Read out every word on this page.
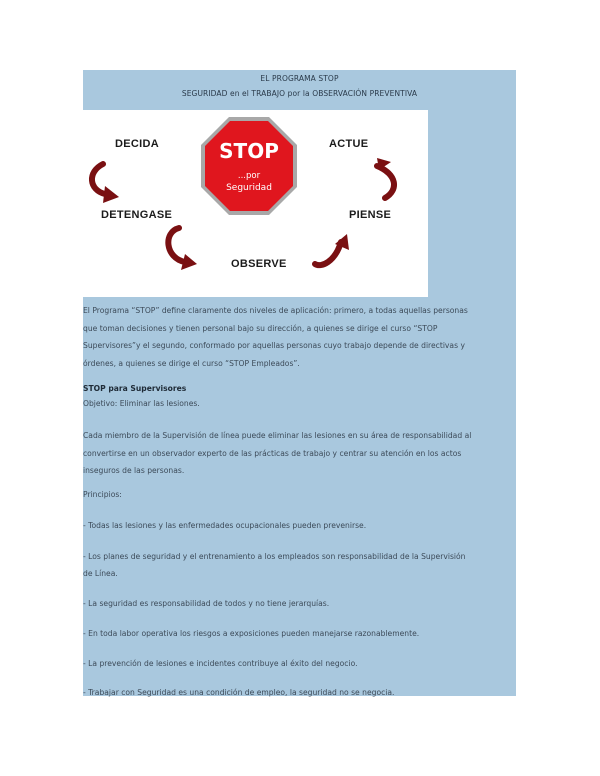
EL PROGRAMA STOP
SEGURIDAD en el TRABAJO por la OBSERVACIÓN PREVENTIVA
...por
STOP
Seguridad
DECIDA	ACTUE
DETENGASE	PIENSE
OBSERVE
El Programa “STOP” define claramente dos niveles de aplicación: primero, a todas aquellas personas
que toman decisiones y tienen personal bajo su dirección, a quienes se dirige el curso “STOP
Supervisores”y el segundo, conformado por aquellas personas cuyo trabajo depende de directivas y
órdenes, a quienes se dirige el curso “STOP Empleados”.
STOP para Supervisores
Objetivo: Eliminar las lesiones.
Cada miembro de la Supervisión de línea puede eliminar las lesiones en su área de responsabilidad al
convertirse en un observador experto de las prácticas de trabajo y centrar su atención en los actos
inseguros de las personas.
Principios:
- Todas las lesiones y las enfermedades ocupacionales pueden prevenirse.
- Los planes de seguridad y el entrenamiento a los empleados son responsabilidad de la Supervisión
de Línea.
- La seguridad es responsabilidad de todos y no tiene jerarquías.
- En toda labor operativa los riesgos a exposiciones pueden manejarse razonablemente.
- La prevención de lesiones e incidentes contribuye al éxito del negocio.
- Trabajar con Seguridad es una condición de empleo, la seguridad no se negocia.
